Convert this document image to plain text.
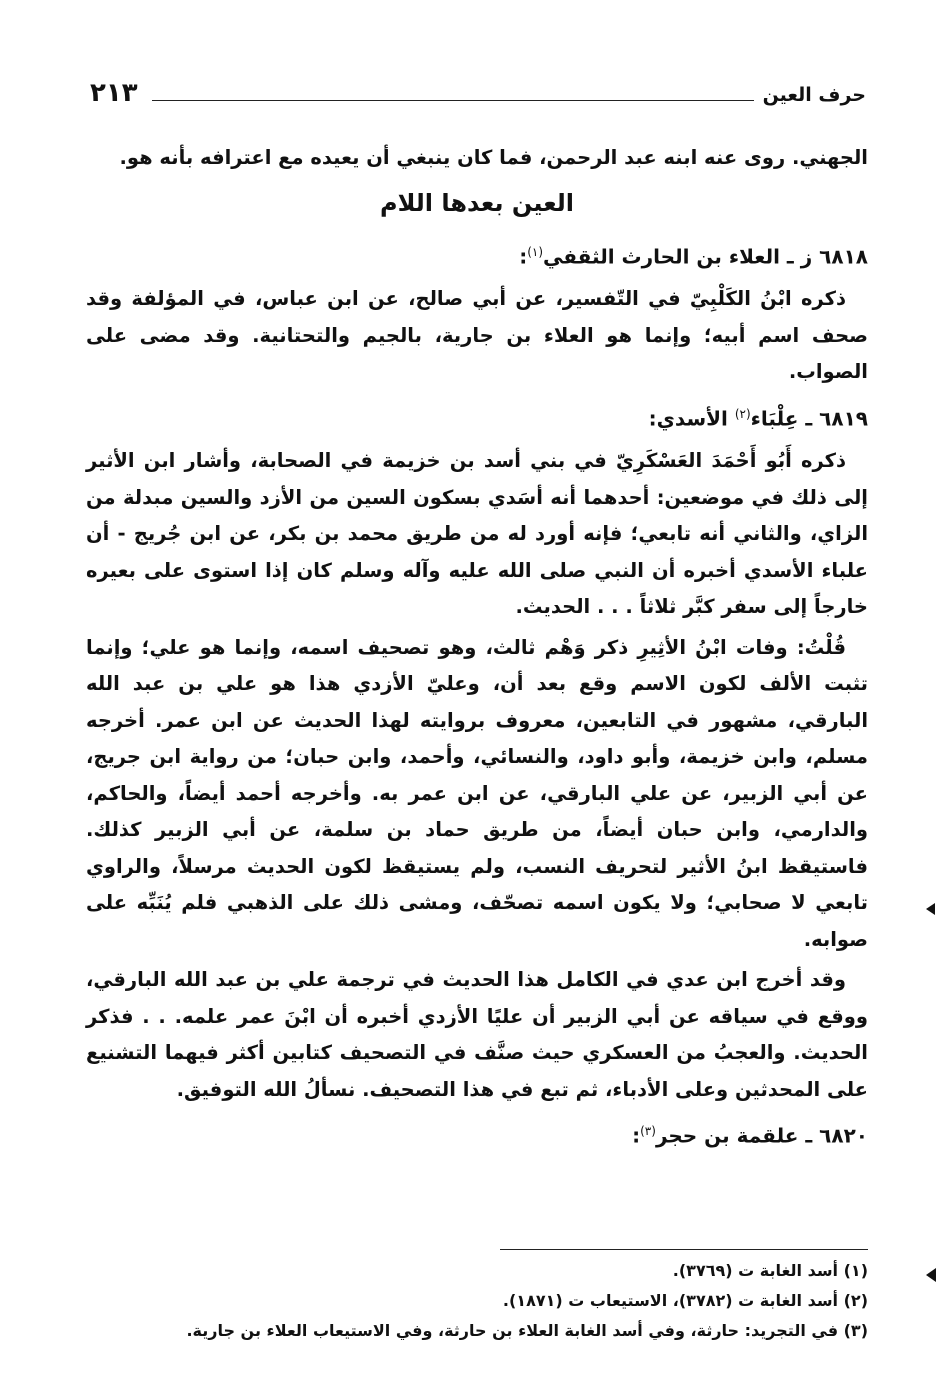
حرف العين
٢١٣

الجهني. روى عنه ابنه عبد الرحمن، فما كان ينبغي أن يعيده مع اعترافه بأنه هو.

العين بعدها اللام
٦٨١٨ ز ـ العلاء بن الحارث الثقفي$^{(١)}$:

ذكره ابْنُ الكَلْبِيّ في التّفسير، عن أبي صالح، عن ابن عباس، في المؤلفة وقد صحف اسم أبيه؛ وإنما هو العلاء بن جارية، بالجيم والتحتانية. وقد مضى على الصواب.

٦٨١٩ ـ عِلْبَاء$^{(٢)}$ الأسدي:

ذكره أَبُو أَحْمَدَ العَسْكَرِيّ في بني أسد بن خزيمة في الصحابة، وأشار ابن الأثير إلى ذلك في موضعين: أحدهما أنه أسَدي بسكون السين من الأزد والسين مبدلة من الزاي، والثاني أنه تابعي؛ فإنه أورد له من طريق محمد بن بكر، عن ابن جُريج - أن علباء الأسدي أخبره أن النبي صلى الله عليه وآله وسلم كان إذا استوى على بعيره خارجاً إلى سفر كبَّر ثلاثاً . . . الحديث.

قُلْتُ: وفات ابْنُ الأثِيرِ ذكر وَهْم ثالث، وهو تصحيف اسمه، وإنما هو علي؛ وإنما تثبت الألف لكون الاسم وقع بعد أن، وعليّ الأزدي هذا هو علي بن عبد الله البارقي، مشهور في التابعين، معروف بروايته لهذا الحديث عن ابن عمر. أخرجه مسلم، وابن خزيمة، وأبو داود، والنسائي، وأحمد، وابن حبان؛ من رواية ابن جريج، عن أبي الزبير، عن علي البارقي، عن ابن عمر به. وأخرجه أحمد أيضاً، والحاكم، والدارمي، وابن حبان أيضاً، من طريق حماد بن سلمة، عن أبي الزبير كذلك. فاستيقظ ابنُ الأثير لتحريف النسب، ولم يستيقظ لكون الحديث مرسلاً، والراوي تابعي لا صحابي؛ ولا يكون اسمه تصحّف، ومشى ذلك على الذهبي فلم يُنَبِّه على صوابه.

وقد أخرج ابن عدي في الكامل هذا الحديث في ترجمة علي بن عبد الله البارقي، ووقع في سياقه عن أبي الزبير أن عليًا الأزدي أخبره أن ابْنَ عمر علمه. . . فذكر الحديث. والعجبُ من العسكري حيث صنَّف في التصحيف كتابين أكثر فيهما التشنيع على المحدثين وعلى الأدباء، ثم تبع في هذا التصحيف. نسألُ الله التوفيق.

٦٨٢٠ ـ علقمة بن حجر$^{(٣)}$:
(١) أسد الغابة ت (٣٧٦٩).
(٢) أسد الغابة ت (٣٧٨٢)، الاستيعاب ت (١٨٧١).
(٣) في التجريد: حارثة، وفي أسد الغابة العلاء بن حارثة، وفي الاستيعاب العلاء بن جارية.
